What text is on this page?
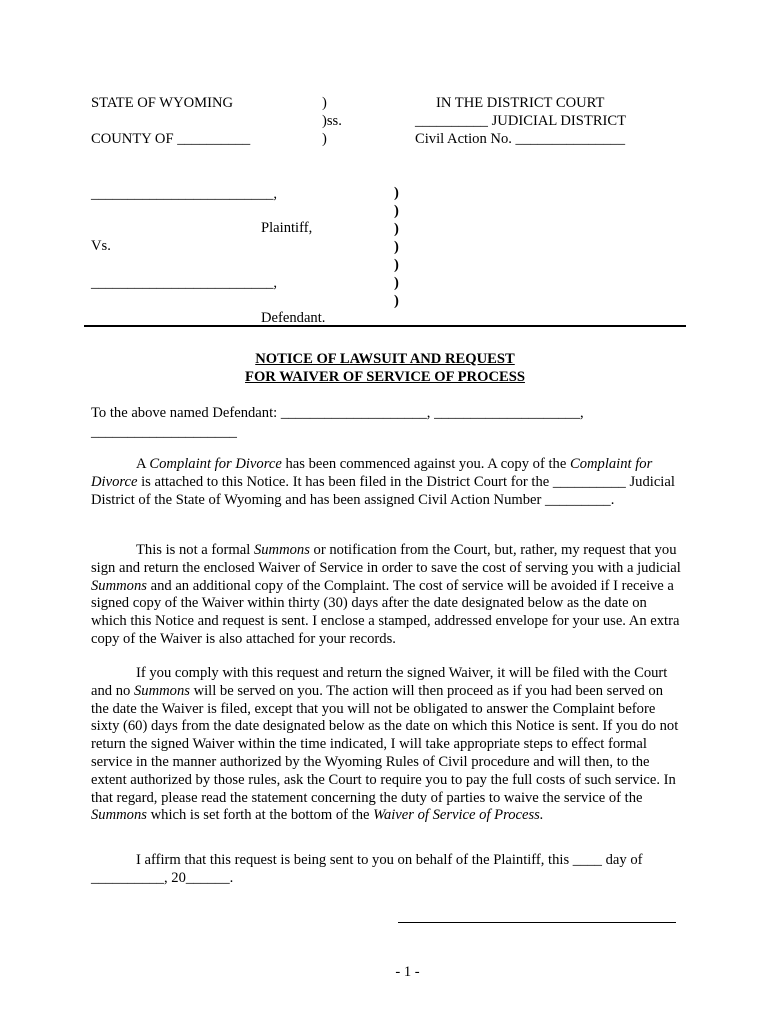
STATE OF WYOMING
COUNTY OF __________
)
)ss.
)
IN THE DISTRICT COURT
__________ JUDICIAL DISTRICT
Civil Action No. _______________
_________________________,
Plaintiff,
Vs.
_________________________,
Defendant.
)
)
)
)
)
)
)
NOTICE OF LAWSUIT AND REQUEST
FOR WAIVER OF SERVICE OF PROCESS
To the above named Defendant: ____________________, ____________________,
____________________
A Complaint for Divorce has been commenced against you. A copy of the Complaint for Divorce is attached to this Notice. It has been filed in the District Court for the __________ Judicial District of the State of Wyoming and has been assigned Civil Action Number _________.
This is not a formal Summons or notification from the Court, but, rather, my request that you sign and return the enclosed Waiver of Service in order to save the cost of serving you with a judicial Summons and an additional copy of the Complaint. The cost of service will be avoided if I receive a signed copy of the Waiver within thirty (30) days after the date designated below as the date on which this Notice and request is sent. I enclose a stamped, addressed envelope for your use. An extra copy of the Waiver is also attached for your records.
If you comply with this request and return the signed Waiver, it will be filed with the Court and no Summons will be served on you. The action will then proceed as if you had been served on the date the Waiver is filed, except that you will not be obligated to answer the Complaint before sixty (60) days from the date designated below as the date on which this Notice is sent. If you do not return the signed Waiver within the time indicated, I will take appropriate steps to effect formal service in the manner authorized by the Wyoming Rules of Civil procedure and will then, to the extent authorized by those rules, ask the Court to require you to pay the full costs of such service. In that regard, please read the statement concerning the duty of parties to waive the service of the Summons which is set forth at the bottom of the Waiver of Service of Process.
I affirm that this request is being sent to you on behalf of the Plaintiff, this ____ day of __________, 20______.
- 1 -
